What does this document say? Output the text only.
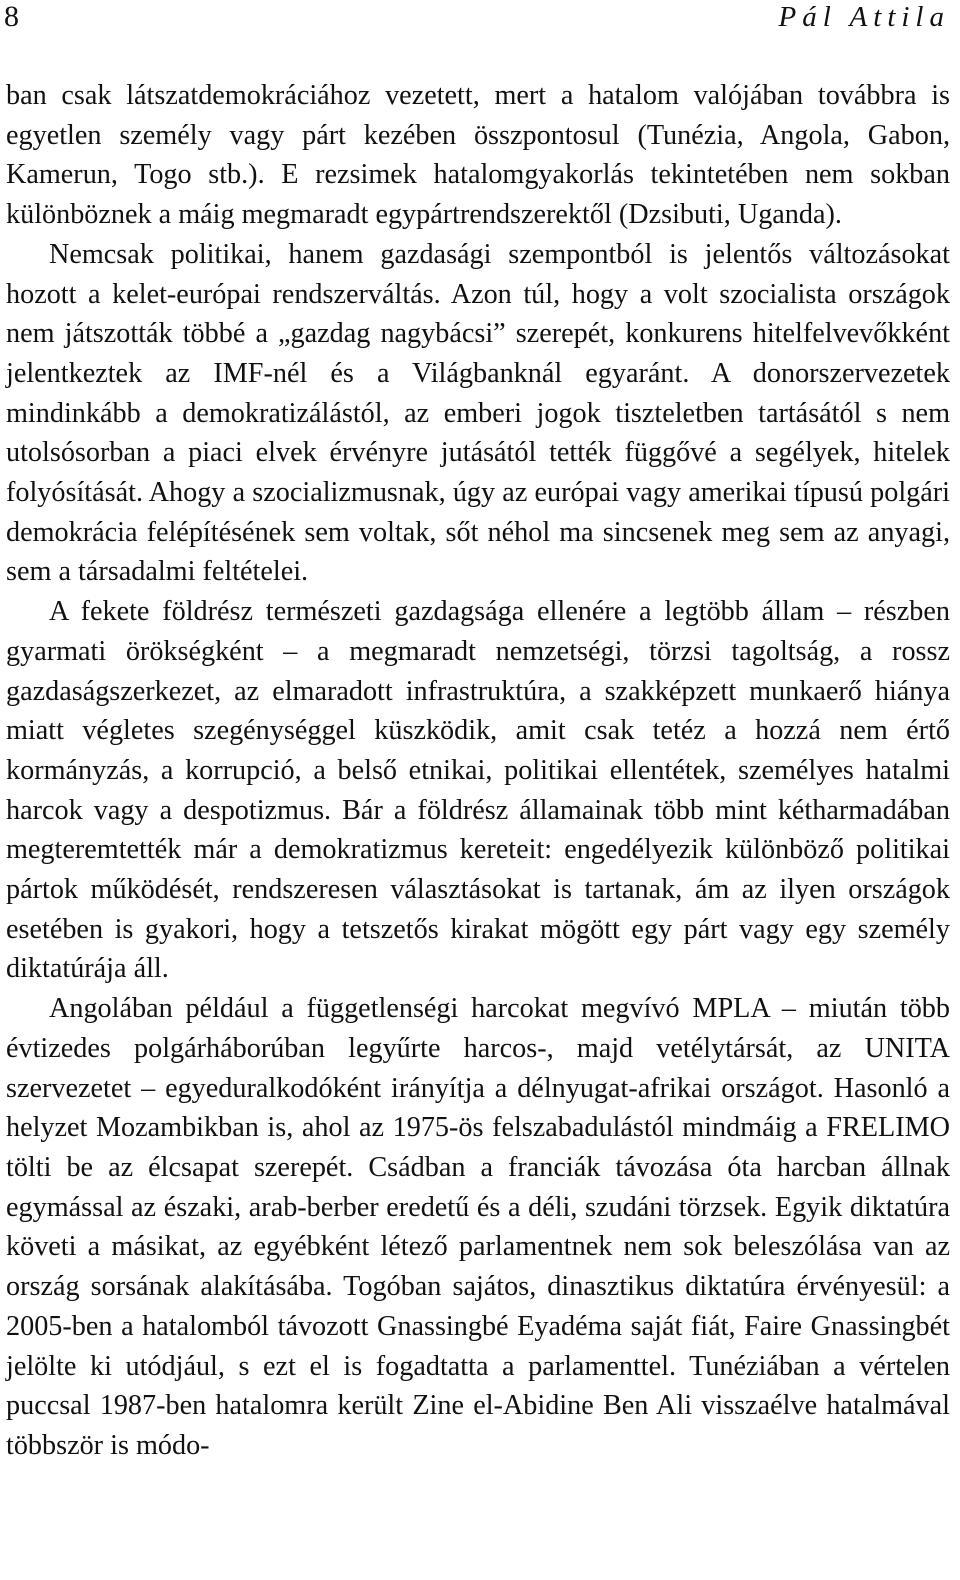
8	Pál Attila

ban csak látszatdemokráciához vezetett, mert a hatalom valójában továbbra is egyetlen személy vagy párt kezében összpontosul (Tunézia, Angola, Gabon, Kamerun, Togo stb.). E rezsimek hatalomgyakorlás tekintetében nem sokban különböznek a máig megmaradt egypártrendszerektől (Dzsibuti, Uganda).

Nemcsak politikai, hanem gazdasági szempontból is jelentős változásokat hozott a kelet-európai rendszerváltás. Azon túl, hogy a volt szocialista országok nem játszották többé a „gazdag nagybácsi” szerepét, konkurens hitelfelvevőkként jelentkeztek az IMF-nél és a Világbanknál egyaránt. A donorszervezetek mindinkább a demokratizálástól, az emberi jogok tiszteletben tartásától s nem utolsósorban a piaci elvek érvényre jutásától tették függővé a segélyek, hitelek folyósítását. Ahogy a szocializmusnak, úgy az európai vagy amerikai típusú polgári demokrácia felépítésének sem voltak, sőt néhol ma sincsenek meg sem az anyagi, sem a társadalmi feltételei.

A fekete földrész természeti gazdagsága ellenére a legtöbb állam – részben gyarmati örökségként – a megmaradt nemzetségi, törzsi tagoltság, a rossz gazdaságszerkezet, az elmaradott infrastruktúra, a szakképzett munkaerő hiánya miatt végletes szegénységgel küszködik, amit csak tetéz a hozzá nem értő kormányzás, a korrupció, a belső etnikai, politikai ellentétek, személyes hatalmi harcok vagy a despotizmus. Bár a földrész államainak több mint kétharmadában megteremtették már a demokratizmus kereteit: engedélyezik különböző politikai pártok működését, rendszeresen választásokat is tartanak, ám az ilyen országok esetében is gyakori, hogy a tetszetős kirakat mögött egy párt vagy egy személy diktatúrája áll.

Angolában például a függetlenségi harcokat megvívó MPLA – miután több évtizedes polgárháborúban legyűrte harcos-, majd vetélytársát, az UNITA szervezetet – egyeduralkodóként irányítja a délnyugat-afrikai országot. Hasonló a helyzet Mozambikban is, ahol az 1975-ös felszabadulástól mindmáig a FRELIMO tölti be az élcsapat szerepét. Csádban a franciák távozása óta harcban állnak egymással az északi, arab-berber eredetű és a déli, szudáni törzsek. Egyik diktatúra követi a másikat, az egyébként létező parlamentnek nem sok beleszólása van az ország sorsának alakításába. Togóban sajátos, dinasztikus diktatúra érvényesül: a 2005-ben a hatalomból távozott Gnassingbé Eyadéma saját fiát, Faire Gnassingbét jelölte ki utódjául, s ezt el is fogadtatta a parlamenttel. Tunéziában a vértelen puccsal 1987-ben hatalomra került Zine el-Abidine Ben Ali visszaélve hatalmával többször is módo-
